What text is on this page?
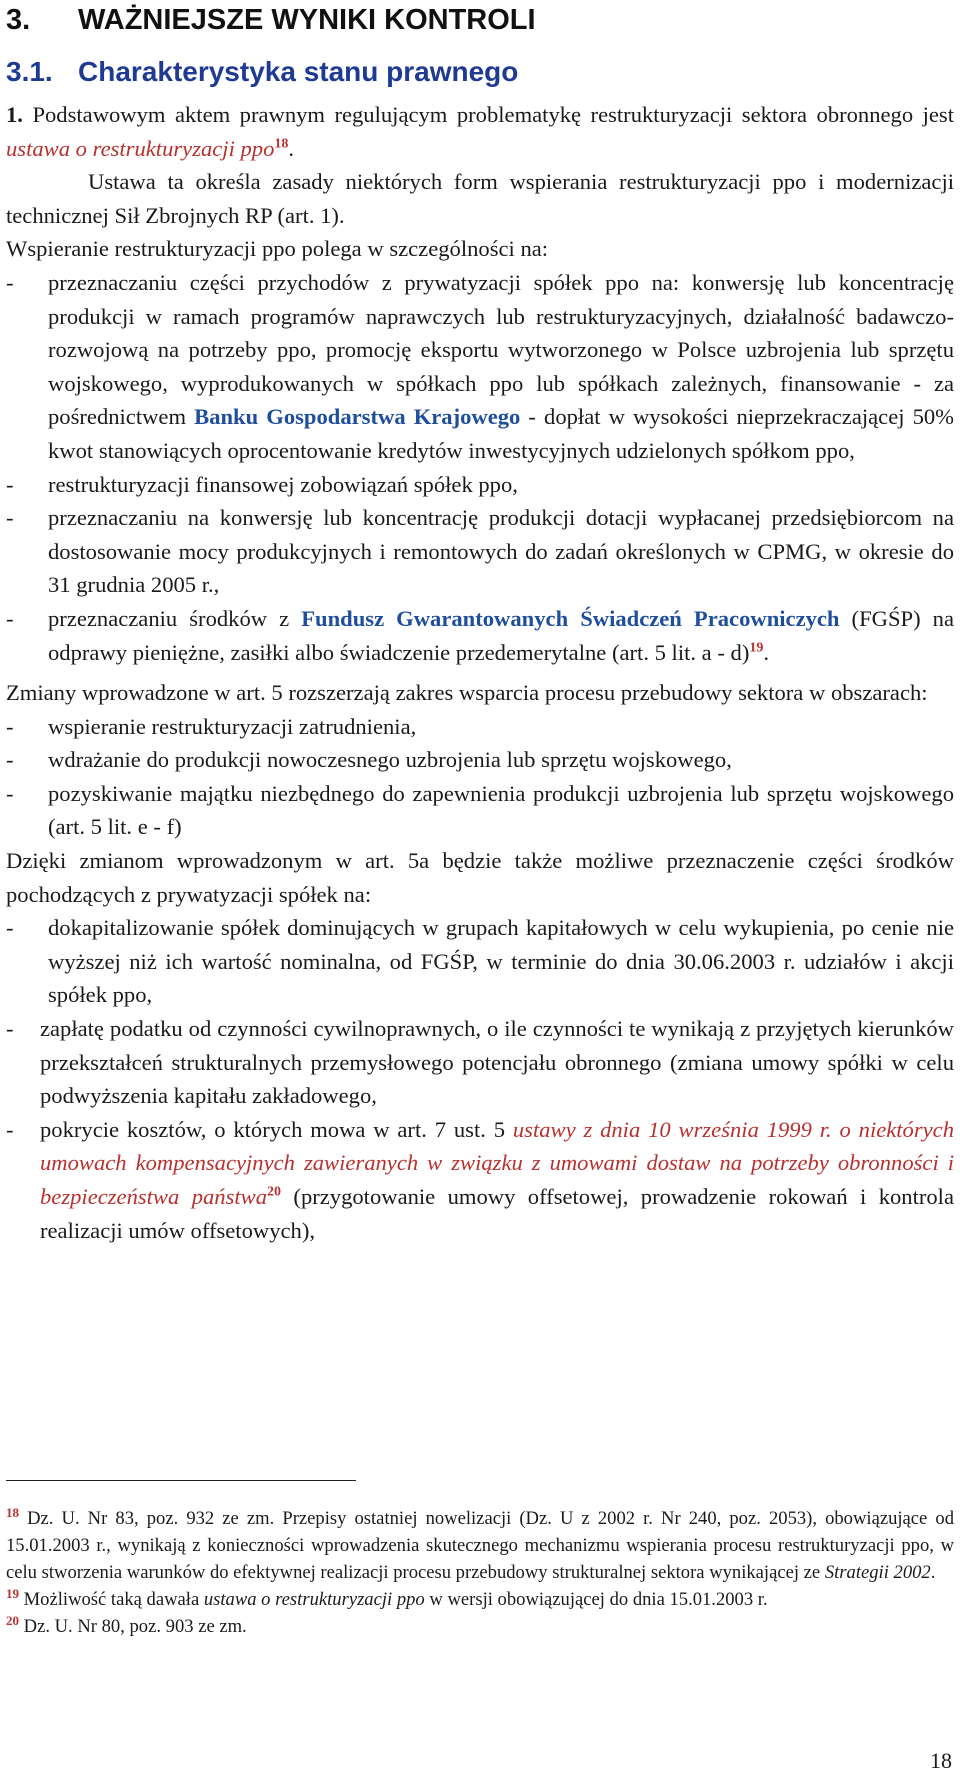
3. WAŻNIEJSZE WYNIKI KONTROLI
3.1. Charakterystyka stanu prawnego

1. Podstawowym aktem prawnym regulującym problematykę restrukturyzacji sektora obronnego jest ustawa o restrukturyzacji ppo$^{18}$.

Ustawa ta określa zasady niektórych form wspierania restrukturyzacji ppo i modernizacji technicznej Sił Zbrojnych RP (art. 1).

Wspieranie restrukturyzacji ppo polega w szczególności na:

- przeznaczaniu części przychodów z prywatyzacji spółek ppo na: konwersję lub koncentrację produkcji w ramach programów naprawczych lub restrukturyzacyjnych, działalność badawczo-rozwojową na potrzeby ppo, promocję eksportu wytworzonego w Polsce uzbrojenia lub sprzętu wojskowego, wyprodukowanych w spółkach ppo lub spółkach zależnych, finansowanie - za pośrednictwem Banku Gospodarstwa Krajowego - dopłat w wysokości nieprzekraczającej 50% kwot stanowiących oprocentowanie kredytów inwestycyjnych udzielonych spółkom ppo,

- restrukturyzacji finansowej zobowiązań spółek ppo,

- przeznaczaniu na konwersję lub koncentrację produkcji dotacji wypłacanej przedsiębiorcom na dostosowanie mocy produkcyjnych i remontowych do zadań określonych w CPMG, w okresie do 31 grudnia 2005 r.,

- przeznaczaniu środków z Fundusz Gwarantowanych Świadczeń Pracowniczych (FGŚP) na odprawy pieniężne, zasiłki albo świadczenie przedemerytalne (art. 5 lit. a - d)$^{19}$.

Zmiany wprowadzone w art. 5 rozszerzają zakres wsparcia procesu przebudowy sektora w obszarach:

- wspieranie restrukturyzacji zatrudnienia,

- wdrażanie do produkcji nowoczesnego uzbrojenia lub sprzętu wojskowego,

- pozyskiwanie majątku niezbędnego do zapewnienia produkcji uzbrojenia lub sprzętu wojskowego (art. 5 lit. e - f)

Dzięki zmianom wprowadzonym w art. 5a będzie także możliwe przeznaczenie części środków pochodzących z prywatyzacji spółek na:

- dokapitalizowanie spółek dominujących w grupach kapitałowych w celu wykupienia, po cenie nie wyższej niż ich wartość nominalna, od FGŚP, w terminie do dnia 30.06.2003 r. udziałów i akcji spółek ppo,

- zapłatę podatku od czynności cywilnoprawnych, o ile czynności te wynikają z przyjętych kierunków przekształceń strukturalnych przemysłowego potencjału obronnego (zmiana umowy spółki w celu podwyższenia kapitału zakładowego,

- pokrycie kosztów, o których mowa w art. 7 ust. 5 ustawy z dnia 10 września 1999 r. o niektórych umowach kompensacyjnych zawieranych w związku z umowami dostaw na potrzeby obronności i bezpieczeństwa państwa$^{20}$ (przygotowanie umowy offsetowej, prowadzenie rokowań i kontrola realizacji umów offsetowych),

$^{18}$ Dz. U. Nr 83, poz. 932 ze zm. Przepisy ostatniej nowelizacji (Dz. U z 2002 r. Nr 240, poz. 2053), obowiązujące od 15.01.2003 r., wynikają z konieczności wprowadzenia skutecznego mechanizmu wspierania procesu restrukturyzacji ppo, w celu stworzenia warunków do efektywnej realizacji procesu przebudowy strukturalnej sektora wynikającej ze Strategii 2002.

$^{19}$ Możliwość taką dawała ustawa o restrukturyzacji ppo w wersji obowiązującej do dnia 15.01.2003 r.

$^{20}$ Dz. U. Nr 80, poz. 903 ze zm.

18
